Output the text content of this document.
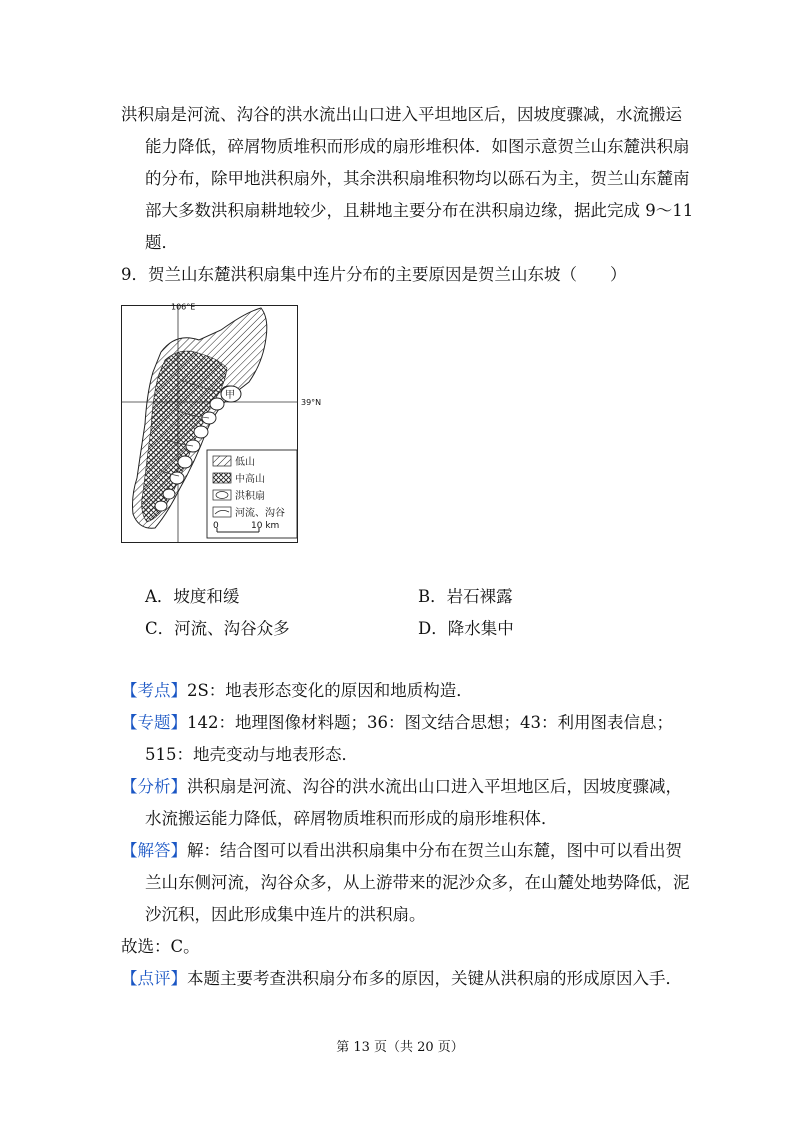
洪积扇是河流、沟谷的洪水流出山口进入平坦地区后，因坡度骤减，水流搬运
能力降低，碎屑物质堆积而形成的扇形堆积体．如图示意贺兰山东麓洪积扇
的分布，除甲地洪积扇外，其余洪积扇堆积物均以砾石为主，贺兰山东麓南
部大多数洪积扇耕地较少，且耕地主要分布在洪积扇边缘，据此完成 9～11
题．
9．贺兰山东麓洪积扇集中连片分布的主要原因是贺兰山东坡（　　）
甲
106°E
39°N
低山
中高山
洪积扇
河流、沟谷
0	10 km
A．坡度和缓	B．岩石裸露
C．河流、沟谷众多	D．降水集中
【考点】2S：地表形态变化的原因和地质构造．
【专题】142：地理图像材料题；36：图文结合思想；43：利用图表信息；
515：地壳变动与地表形态．
【分析】洪积扇是河流、沟谷的洪水流出山口进入平坦地区后，因坡度骤减，
水流搬运能力降低，碎屑物质堆积而形成的扇形堆积体．
【解答】解：结合图可以看出洪积扇集中分布在贺兰山东麓，图中可以看出贺
兰山东侧河流，沟谷众多，从上游带来的泥沙众多，在山麓处地势降低，泥
沙沉积，因此形成集中连片的洪积扇。
故选：C。
【点评】本题主要考查洪积扇分布多的原因，关键从洪积扇的形成原因入手．
第 13 页（共 20 页）
